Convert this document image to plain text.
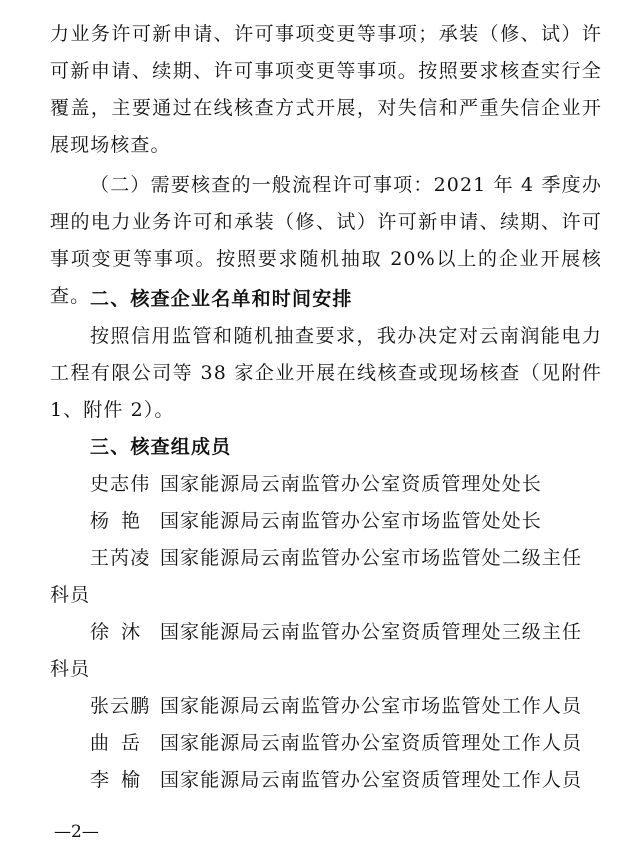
力业务许可新申请、许可事项变更等事项；承装（修、试）许可新申请、续期、许可事项变更等事项。按照要求核查实行全覆盖，主要通过在线核查方式开展，对失信和严重失信企业开展现场核查。

（二）需要核查的一般流程许可事项：2021 年 4 季度办理的电力业务许可和承装（修、试）许可新申请、续期、许可事项变更等事项。按照要求随机抽取 20%以上的企业开展核查。 二、核查企业名单和时间安排

按照信用监管和随机抽查要求，我办决定对云南润能电力工程有限公司等 38 家企业开展在线核查或现场核查（见附件 1、附件 2）。

三、核查组成员
史志伟 国家能源局云南监管办公室资质管理处处长
杨艳 国家能源局云南监管办公室市场监管处处长
王芮凌 国家能源局云南监管办公室市场监管处二级主任科员
徐沐 国家能源局云南监管办公室资质管理处三级主任科员
张云鹏 国家能源局云南监管办公室市场监管处工作人员
曲岳 国家能源局云南监管办公室资质管理处工作人员
李榆 国家能源局云南监管办公室资质管理处工作人员
—2—
